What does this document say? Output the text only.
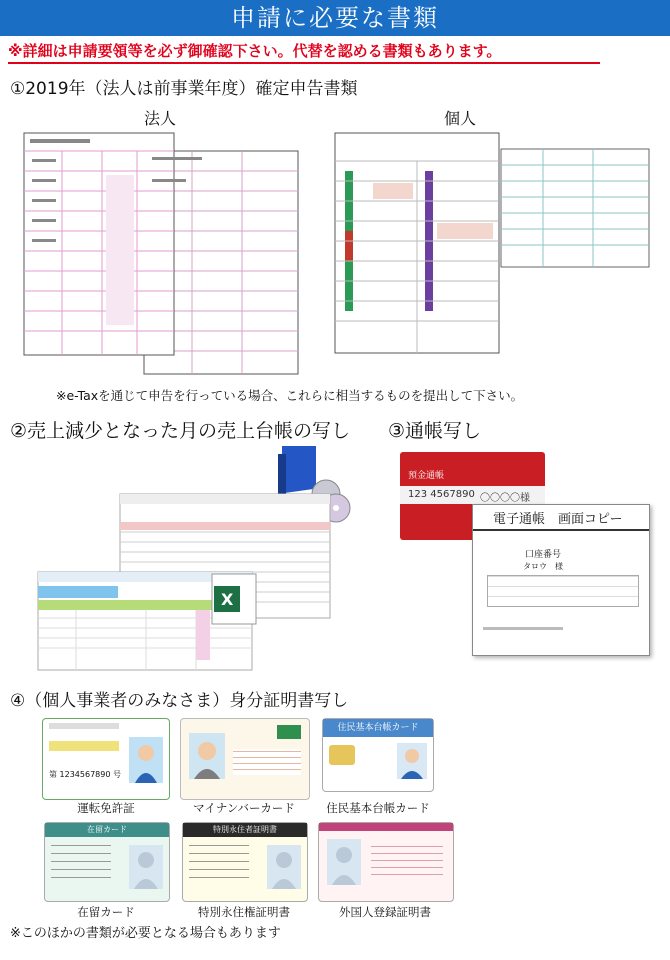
申請に必要な書類
※詳細は申請要領等を必ず御確認下さい。代替を認める書類もあります。
①2019年（法人は前事業年度）確定申告書類
法人	個人
※e-Taxを通じて申告を行っている場合、これらに相当するものを提出して下さい。
②売上減少となった月の売上台帳の写し
X
③通帳写し
預金通帳
123 4567890 〇〇〇〇様
電子通帳　画面コピー
口座番号
タロウ　様
④（個人事業者のみなさま）身分証明書写し
第 1234567890 号
運転免許証	マイナンバーカード
住民基本台帳カード
住民基本台帳カード
在留カード
在留カード
特別永住者証明書
特別永住権証明書	外国人登録証明書
※このほかの書類が必要となる場合もあります
